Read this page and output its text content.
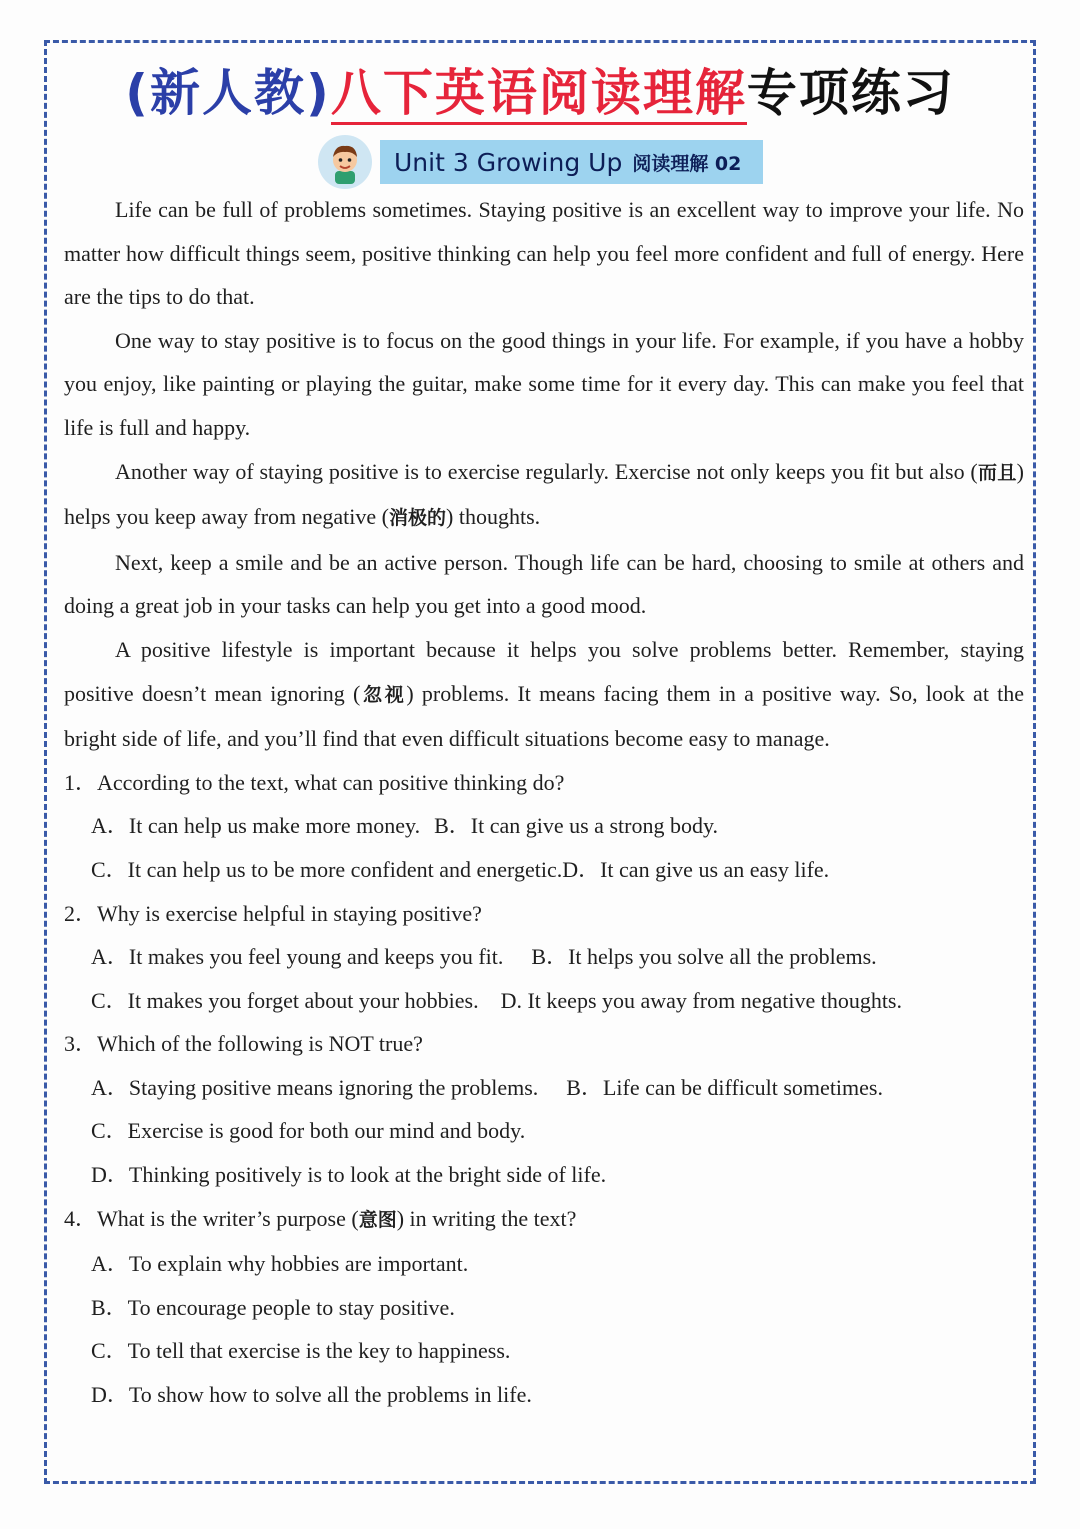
(新人教)八下英语阅读理解专项练习
Unit 3 Growing Up 阅读理解 02

Life can be full of problems sometimes. Staying positive is an excellent way to improve your life. No matter how difficult things seem, positive thinking can help you feel more confident and full of energy. Here are the tips to do that.

One way to stay positive is to focus on the good things in your life. For example, if you have a hobby you enjoy, like painting or playing the guitar, make some time for it every day. This can make you feel that life is full and happy.

Another way of staying positive is to exercise regularly. Exercise not only keeps you fit but also (而且) helps you keep away from negative (消极的) thoughts.

Next, keep a smile and be an active person. Though life can be hard, choosing to smile at others and doing a great job in your tasks can help you get into a good mood.

A positive lifestyle is important because it helps you solve problems better. Remember, staying positive doesn’t mean ignoring (忽视) problems. It means facing them in a positive way. So, look at the bright side of life, and you’ll find that even difficult situations become easy to manage.

1．According to the text, what can positive thinking do?

A．It can help us make more money. B．It can give us a strong body.

C．It can help us to be more confident and energetic.D．It can give us an easy life.

2．Why is exercise helpful in staying positive?

A．It makes you feel young and keeps you fit. B．It helps you solve all the problems.

C．It makes you forget about your hobbies. D. It keeps you away from negative thoughts.

3．Which of the following is NOT true?

A．Staying positive means ignoring the problems. B．Life can be difficult sometimes.

C．Exercise is good for both our mind and body.

D．Thinking positively is to look at the bright side of life.

4．What is the writer’s purpose (意图) in writing the text?

A．To explain why hobbies are important.

B．To encourage people to stay positive.

C．To tell that exercise is the key to happiness.

D．To show how to solve all the problems in life.
